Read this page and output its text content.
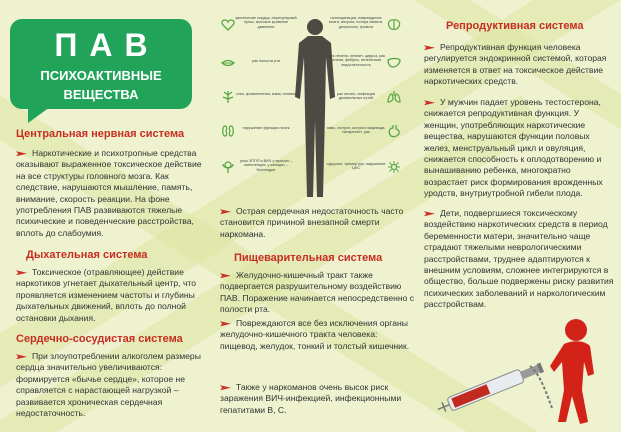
ПАВ
ПСИХОАКТИВНЫЕ
ВЕЩЕСТВА
Центральная нервная система
Наркотические и психотропные средства оказывают выраженное токсическое действие на все структуры головного мозга. Как следствие, нарушаются мышление, память, внимание, скорость реакции. На фоне употребления ПАВ развиваются тяжелые психические и поведенческие расстройства, вплоть до слабоумия.
Дыхательная система
Токсическое (отравляющее) действие наркотиков угнетает дыхательный центр, что проявляется изменением частоты и глубины дыхательных движений, вплоть до полной остановки дыхания.
Сердечно-сосудистая система
При злоупотреблении алкоголем размеры сердца значительно увеличиваются: формируется «бычье сердце», которое не справляется с нарастающей нагрузкой – развивается хроническая сердечная недостаточность.
Острая сердечная недостаточность часто становится причиной внезапной смерти наркомана.
Пищеварительная система
Желудочно-кишечный тракт также подвергается разрушительному воздействию ПАВ. Поражение начинается непосредственно с полости рта.
Повреждаются все без исключения органы желудочно-кишечного тракта человека: пищевод, желудок, тонкий и толстый кишечник.
Также у наркоманов очень высок риск заражения ВИЧ-инфекцией, инфекционными гепатитами В, С.
Репродуктивная система
Репродуктивная функция человека регулируется эндокринной системой, которая изменяется в ответ на токсическое действие наркотических средств.
У мужчин падает уровень тестостерона, снижается репродуктивная функция. У женщин, употребляющих наркотические вещества, нарушаются функции половых желез, менструальный цикл и овуляция, снижается способность к оплодотворению и вынашиванию ребенка, многократно возрастает риск формирования врожденных уродств, внутриутробной гибели плода.
Дети, подвергшиеся токсическому воздействию наркотических средств в период беременности матери, значительно чаще страдают тяжелыми неврологическими расстройствами, труднее адаптируются к внешним условиям, сложнее интегрируются в общество, больше подвержены риску развития психических заболеваний и наркологическим расстройствам.
увеличение сердца, нерегулярный пульс, высокое кровяное давление
рак полости рта
отек, кровотечения, язвы, полипы
нарушение функции почек
риск ЗППП и ВИЧ у мужчин – импотенция, у женщин – бесплодие
галлюцинации, повреждение мозга, инсульт, потеря памяти, депрессия, тревога
отек печени, гепатит, цирроз, рак печени, фиброз, печеночная недостаточность
рак легких, инфекции дыхательных путей
язвы, гастрит, острота пищевода, панкреатит, рак
судороги, тремор рук, нарушение ЦНС
